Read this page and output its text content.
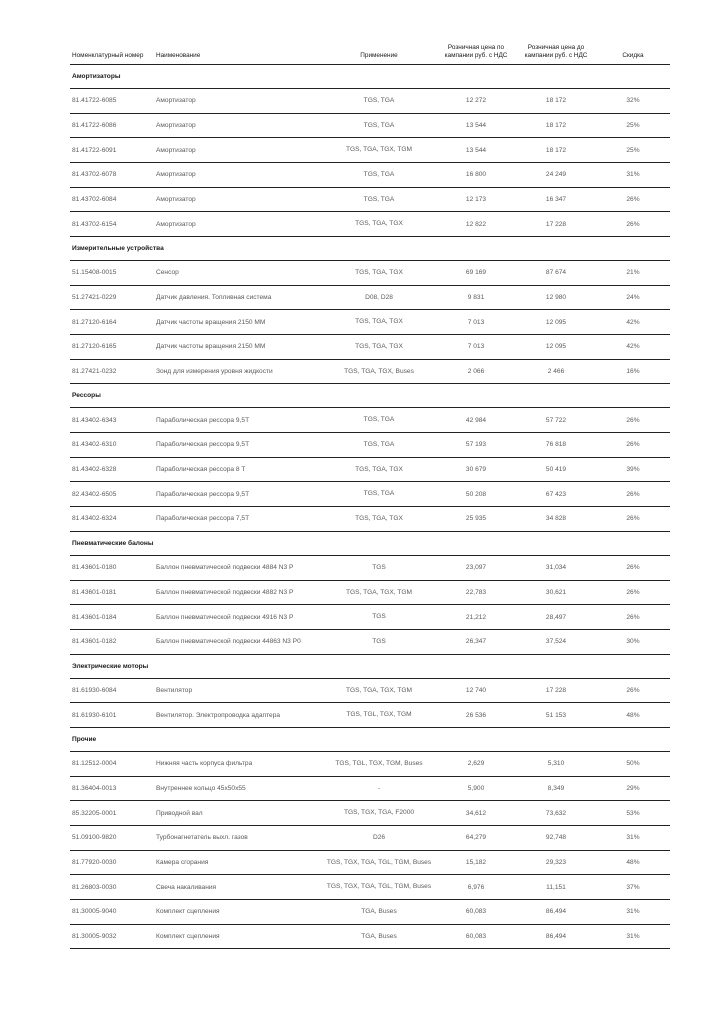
Номенклатурный номер	Наименование	Применение	Розничная цена по кампании руб. с НДС	Розничная цена до кампании руб. с НДС	Скидка
Амортизаторы					
81.41722-6085	Амортизатор	TGS, TGA	12 272	18 172	32%
81.41722-6086	Амортизатор	TGS, TGA	13 544	18 172	25%
81.41722-6091	Амортизатор	TGS, TGA, TGX, TGM	13 544	18 172	25%
81.43702-6078	Амортизатор	TGS, TGA	16 800	24 249	31%
81.43702-6084	Амортизатор	TGS, TGA	12 173	16 347	26%
81.43702-6154	Амортизатор	TGS, TGA, TGX	12 822	17 228	26%
Измерительные устройства					
51.15408-0015	Сенсор	TGS, TGA, TGX	69 169	87 674	21%
51.27421-0229	Датчик давления. Топливная система	D08, D28	9 831	12 980	24%
81.27120-6164	Датчик частоты вращения 2150 MM	TGS, TGA, TGX	7 013	12 095	42%
81.27120-6165	Датчик частоты вращения 2150 MM	TGS, TGA, TGX	7 013	12 095	42%
81.27421-0232	Зонд для измерения уровня жидкости	TGS, TGA, TGX, Buses	2 066	2 466	16%
Рессоры					
81.43402-6343	Параболическая рессора 9,5T	TGS, TGA	42 984	57 722	26%
81.43402-6310	Параболическая рессора 9,5T	TGS, TGA	57 193	76 818	26%
81.43402-6328	Параболическая рессора 8 T	TGS, TGA, TGX	30 679	50 419	39%
82.43402-6505	Параболическая рессора 9,5T	TGS, TGA	50 208	67 423	26%
81.43402-6324	Параболическая рессора 7,5T	TGS, TGA, TGX	25 935	34 828	26%
Пневматические балоны					
81.43601-0180	Баллон пневматической подвески 4884 N3 P	TGS	23,097	31,034	26%
81.43601-0181	Баллон пневматической подвески 4882 N3 P	TGS, TGA, TGX, TGM	22,783	30,621	26%
81.43601-0184	Баллон пневматической подвески 4916 N3 P	TGS	21,212	28,497	26%
81.43601-0182	Баллон пневматической подвески 44863 N3 P0	TGS	26,347	37,524	30%
Электрические моторы					
81.61930-6084	Вентилятор	TGS, TGA, TGX, TGM	12 740	17 228	26%
81.61930-6101	Вентилятор. Электропроводка адаптера	TGS, TGL, TGX, TGM	26 536	51 153	48%
Прочие					
81.12512-0004	Нижняя часть корпуса фильтра	TGS, TGL, TGX, TGM, Buses	2,629	5,310	50%
81.36404-0013	Внутреннее кольцо 45x50x55	-	5,900	8,349	29%
85.32205-0001	Приводной вал	TGS, TGX, TGA, F2000	34,612	73,632	53%
51.09100-9820	Турбонагнетатель выхл. газов	D26	64,279	92,748	31%
81.77920-0030	Камера сгорания	TGS, TGX, TGA, TGL, TGM, Buses	15,182	29,323	48%
81.26803-0030	Свеча накаливания	TGS, TGX, TGA, TGL, TGM, Buses	6,976	11,151	37%
81.30005-9040	Комплект сцепления	TGA, Buses	60,083	86,494	31%
81.30005-9032	Комплект сцепления	TGA, Buses	60,083	86,494	31%
